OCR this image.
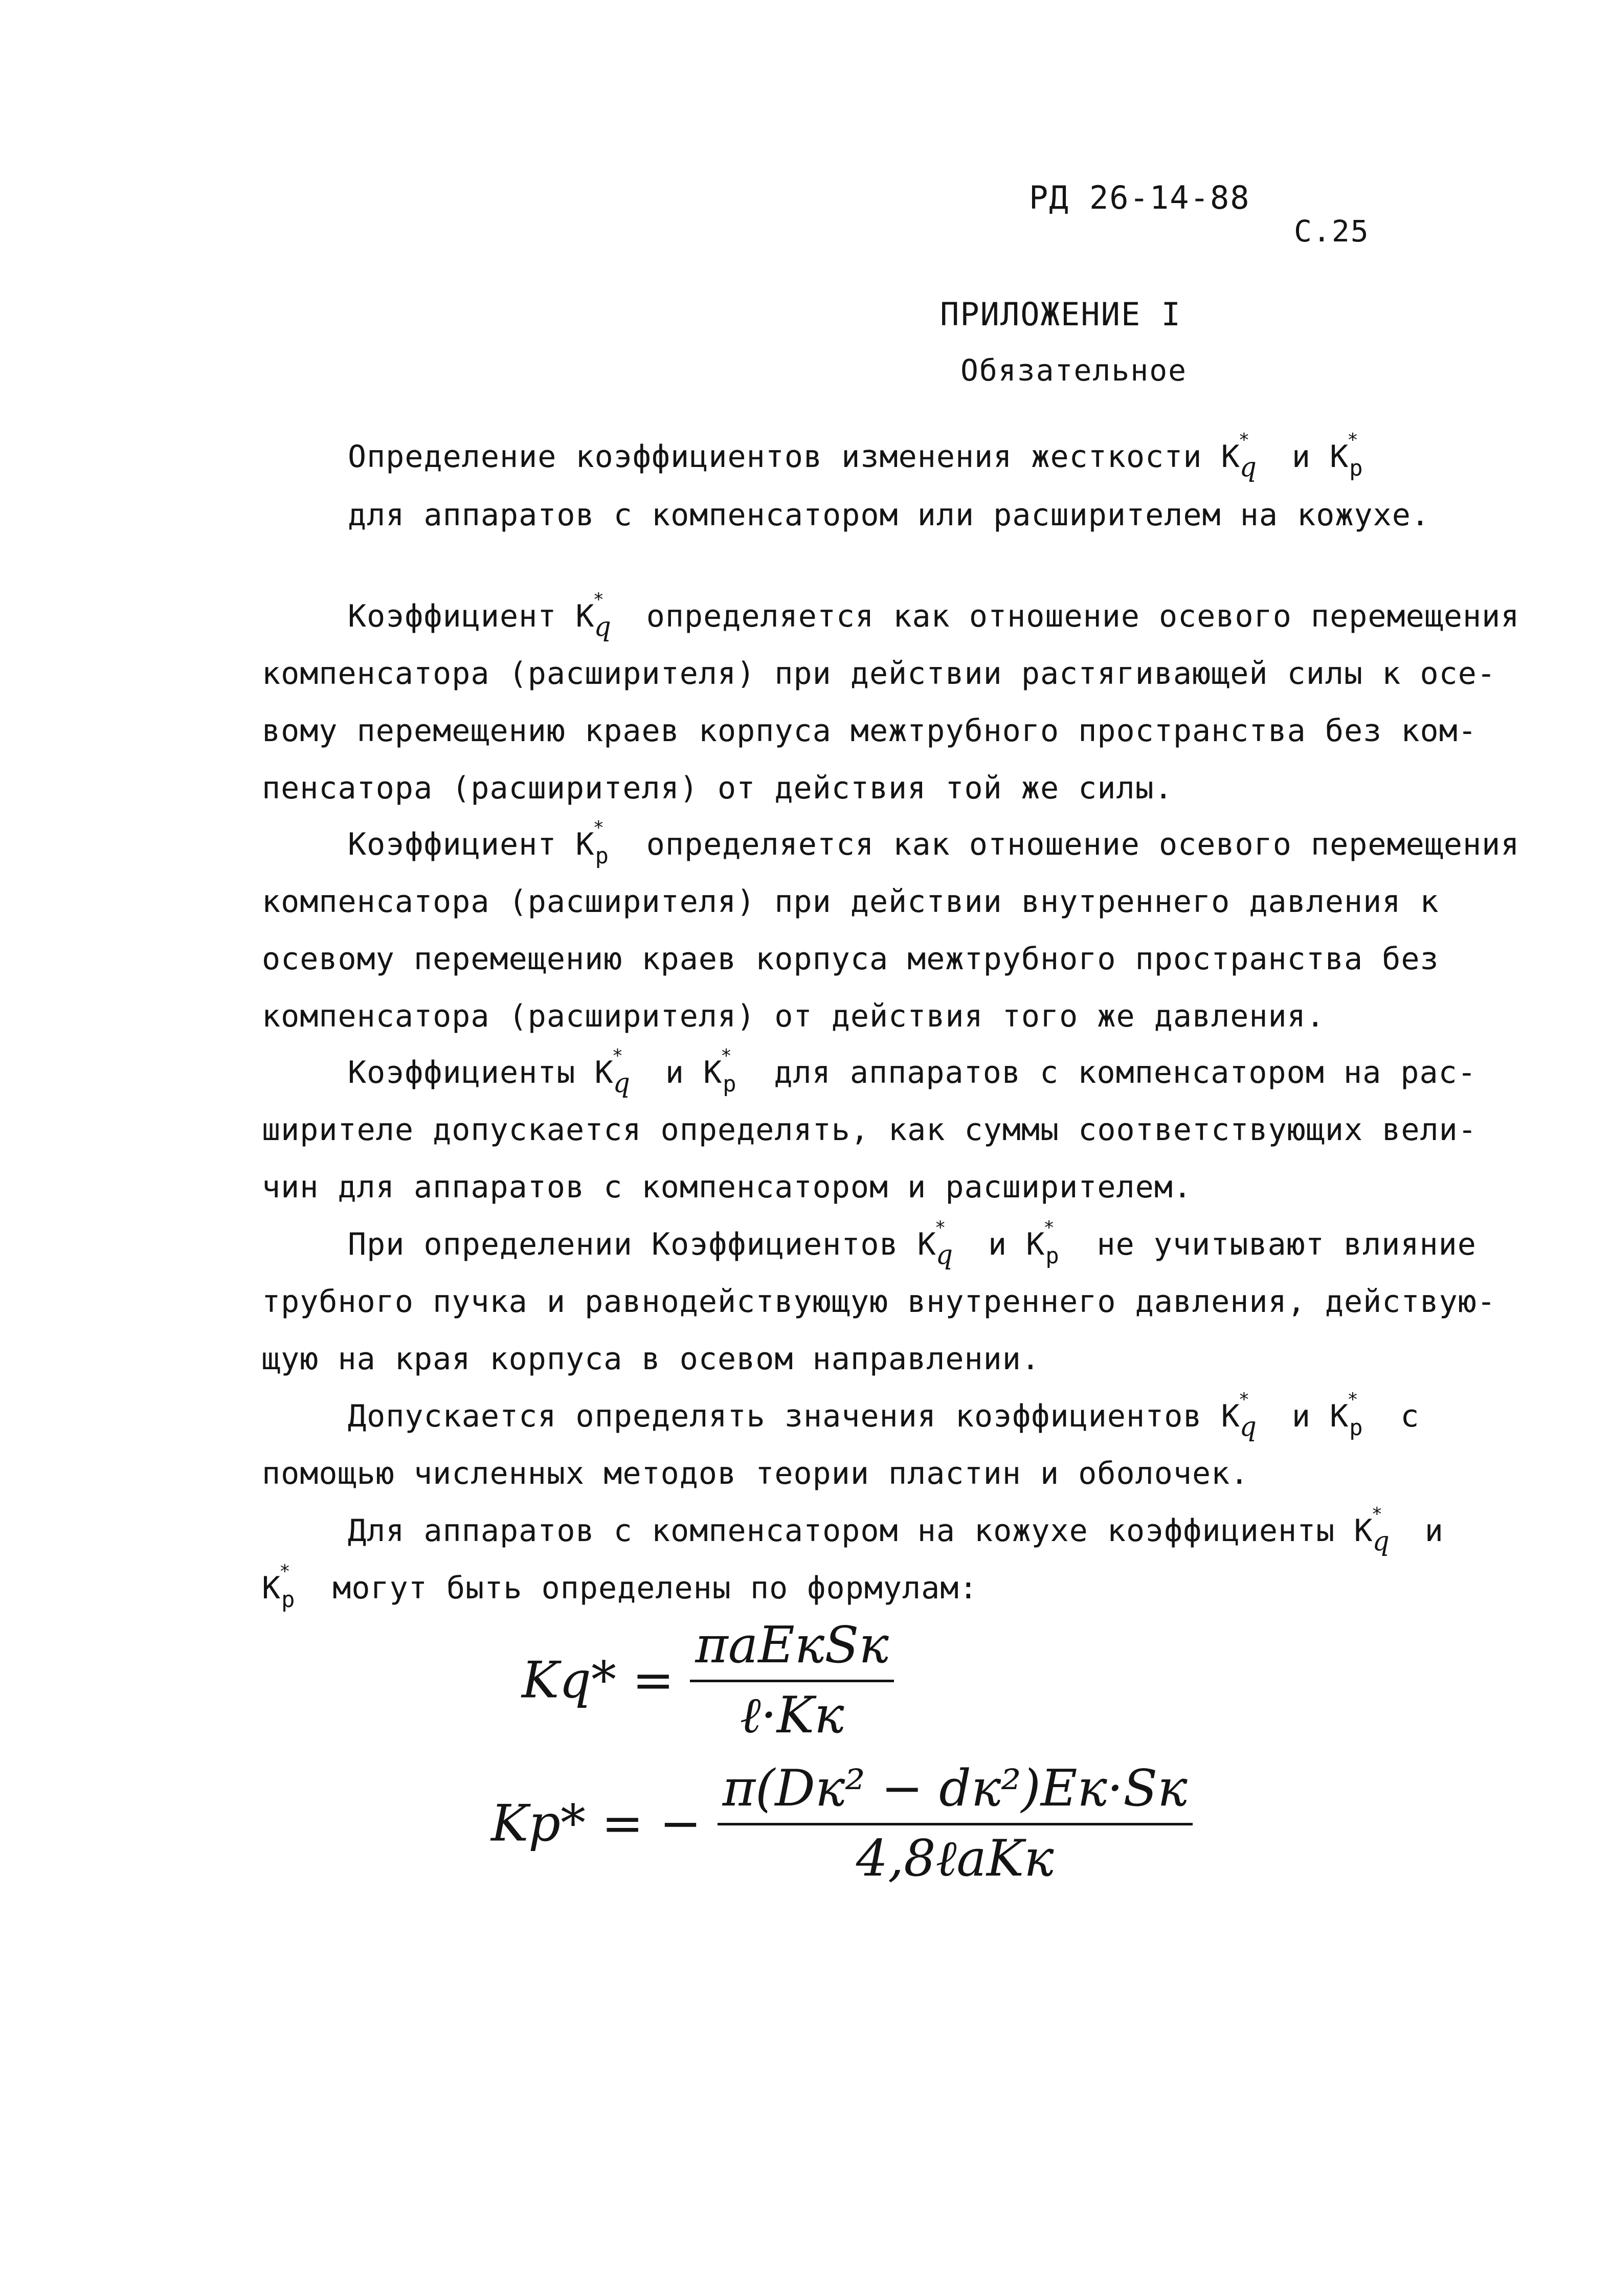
РД 26-14-88
С.25
ПРИЛОЖЕНИЕ I
Обязательное
Определение коэффициентов изменения жесткости К
*
q и К
*
р
для аппаратов с компенсатором или расширителем на кожухе.
Коэффициент К
*
q определяется как отношение осевого перемещения
компенсатора (расширителя) при действии растягивающей силы к осе-
вому перемещению краев корпуса межтрубного пространства без ком-
пенсатора (расширителя) от действия той же силы.
Коэффициент К
*
р определяется как отношение осевого перемещения
компенсатора (расширителя) при действии внутреннего давления к
осевому перемещению краев корпуса межтрубного пространства без
компенсатора (расширителя) от действия того же давления.
Коэффициенты К
*
q и К
*
р для аппаратов с компенсатором на рас-
ширителе допускается определять, как суммы соответствующих вели-
чин для аппаратов с компенсатором и расширителем.
При определении Коэффициентов К
*
q и К
*
р не учитывают влияние
трубного пучка и равнодействующую внутреннего давления, действую-
щую на края корпуса в осевом направлении.
Допускается определять значения коэффициентов К
*
q и К
*
р с
помощью численных методов теории пластин и оболочек.
Для аппаратов с компенсатором на кожухе коэффициенты К
*
q и
К
*
р могут быть определены по формулам:
$Kq* = \frac{\text{πaEкSк}}{\text{ℓ·Kк}}$
Kp* = − $\frac{\text{π(Dк² − dк²)Eк·Sк}}{\text{4,8ℓaKк}}$
